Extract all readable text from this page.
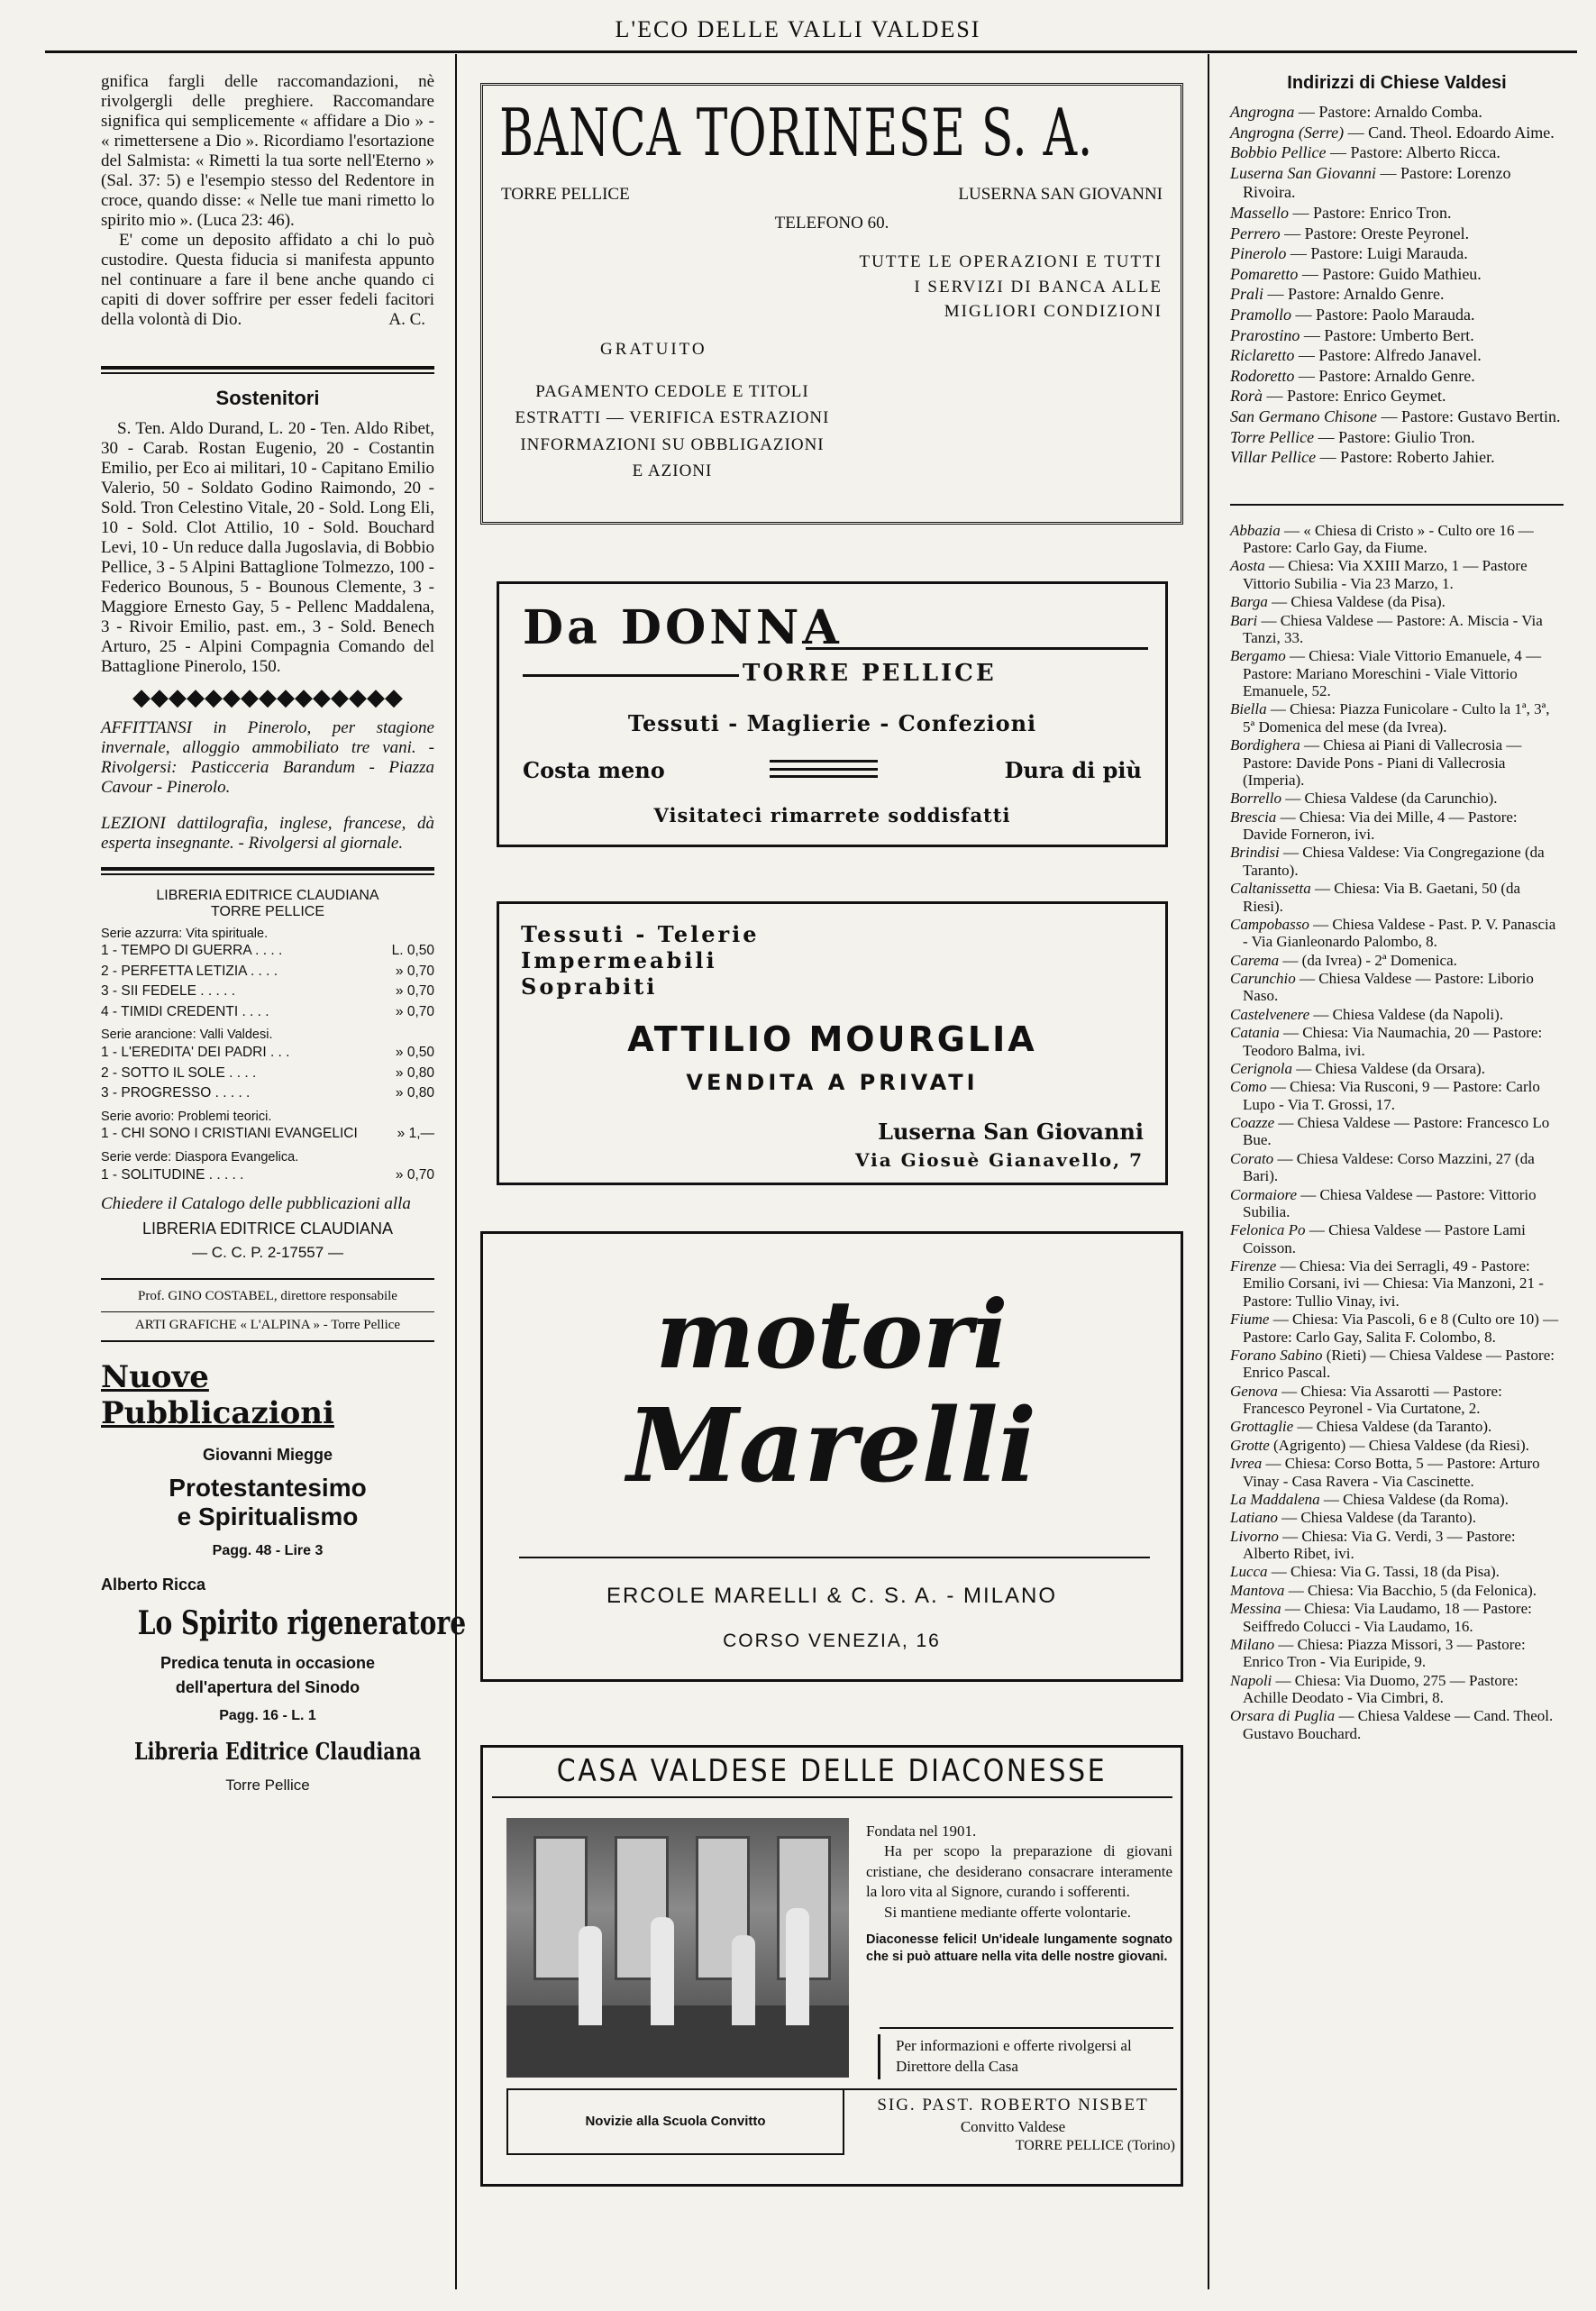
L'ECO DELLE VALLI VALDESI

gnifica fargli delle raccomandazioni, nè rivolgergli delle preghiere. Raccomandare significa qui semplicemente « affidare a Dio » - « rimettersene a Dio ». Ricordiamo l'esortazione del Salmista: « Rimetti la tua sorte nell'Eterno » (Sal. 37: 5) e l'esempio stesso del Redentore in croce, quando disse: « Nelle tue mani rimetto lo spirito mio ». (Luca 23: 46).

E' come un deposito affidato a chi lo può custodire. Questa fiducia si manifesta appunto nel continuare a fare il bene anche quando ci capiti di dover soffrire per esser fedeli facitori della volontà di Dio.	A. C.

Sostenitori

S. Ten. Aldo Durand, L. 20 - Ten. Aldo Ribet, 30 - Carab. Rostan Eugenio, 20 - Costantin Emilio, per Eco ai militari, 10 - Capitano Emilio Valerio, 50 - Soldato Godino Raimondo, 20 - Sold. Tron Celestino Vitale, 20 - Sold. Long Eli, 10 - Sold. Clot Attilio, 10 - Sold. Bouchard Levi, 10 - Un reduce dalla Jugoslavia, di Bobbio Pellice, 3 - 5 Alpini Battaglione Tolmezzo, 100 - Federico Bounous, 5 - Bounous Clemente, 3 - Maggiore Ernesto Gay, 5 - Pellenc Maddalena, 3 - Rivoir Emilio, past. em., 3 - Sold. Benech Arturo, 25 - Alpini Compagnia Comando del Battaglione Pinerolo, 150.

◆◆◆◆◆◆◆◆◆◆◆◆◆◆◆

AFFITTANSI in Pinerolo, per stagione invernale, alloggio ammobiliato tre vani. - Rivolgersi: Pasticceria Barandum - Piazza Cavour - Pinerolo.

LEZIONI dattilografia, inglese, francese, dà esperta insegnante. - Rivolgersi al giornale.

LIBRERIA EDITRICE CLAUDIANA
TORRE PELLICE
Serie azzurra: Vita spirituale.
1 - TEMPO DI GUERRA . . . .	L. 0,50
2 - PERFETTA LETIZIA . . . .	» 0,70
3 - SII FEDELE . . . . .	» 0,70
4 - TIMIDI CREDENTI . . . .	» 0,70
Serie arancione: Valli Valdesi.
1 - L'EREDITA' DEI PADRI . . .	» 0,50
2 - SOTTO IL SOLE . . . .	» 0,80
3 - PROGRESSO . . . . .	» 0,80
Serie avorio: Problemi teorici.
1 - CHI SONO I CRISTIANI EVANGELICI	» 1,—
Serie verde: Diaspora Evangelica.
1 - SOLITUDINE . . . . .	» 0,70

Chiedere il Catalogo delle pubblicazioni alla

LIBRERIA EDITRICE CLAUDIANA
— C. C. P. 2-17557 —
Prof. GINO COSTABEL, direttore responsabile
ARTI GRAFICHE « L'ALPINA » - Torre Pellice
Nuove Pubblicazioni
Giovanni Miegge
Protestantesimo
e Spiritualismo
Pagg. 48 - Lire 3
Alberto Ricca
Lo Spirito rigeneratore
Predica tenuta in occasione
dell'apertura del Sinodo
Pagg. 16 - L. 1
Libreria Editrice Claudiana
Torre Pellice
BANCA TORINESE S. A.
TORRE PELLICE	LUSERNA SAN GIOVANNI
TELEFONO 60.
TUTTE LE OPERAZIONI E TUTTI
I SERVIZI DI BANCA ALLE
MIGLIORI CONDIZIONI
GRATUITO
PAGAMENTO CEDOLE E TITOLI
ESTRATTI — VERIFICA ESTRAZIONI
INFORMAZIONI SU OBBLIGAZIONI
E AZIONI
Da DONNA
TORRE PELLICE
Tessuti - Maglierie - Confezioni
Costa meno	Dura di più
Visitateci rimarrete soddisfatti
Tessuti - Telerie
Impermeabili
Soprabiti
ATTILIO MOURGLIA
VENDITA A PRIVATI
Luserna San Giovanni
Via Giosuè Gianavello, 7
motori
Marelli
ERCOLE MARELLI & C. S. A. - MILANO
CORSO VENEZIA, 16
CASA VALDESE DELLE DIACONESSE
Fondata nel 1901.
Ha per scopo la preparazione di giovani cristiane, che desiderano consacrare interamente la loro vita al Signore, curando i sofferenti.
Si mantiene mediante offerte volontarie.
Diaconesse felici! Un'ideale lungamente sognato che si può attuare nella vita delle nostre giovani.
Per informazioni e offerte rivolgersi al Direttore della Casa
Novizie alla Scuola Convitto
SIG. PAST. ROBERTO NISBET
Convitto Valdese
TORRE PELLICE (Torino)
Indirizzi di Chiese Valdesi

Angrogna — Pastore: Arnaldo Comba.

Angrogna (Serre) — Cand. Theol. Edoardo Aime.

Bobbio Pellice — Pastore: Alberto Ricca.

Luserna San Giovanni — Pastore: Lorenzo Rivoira.

Massello — Pastore: Enrico Tron.

Perrero — Pastore: Oreste Peyronel.

Pinerolo — Pastore: Luigi Marauda.

Pomaretto — Pastore: Guido Mathieu.

Prali — Pastore: Arnaldo Genre.

Pramollo — Pastore: Paolo Marauda.

Prarostino — Pastore: Umberto Bert.

Riclaretto — Pastore: Alfredo Janavel.

Rodoretto — Pastore: Arnaldo Genre.

Rorà — Pastore: Enrico Geymet.

San Germano Chisone — Pastore: Gustavo Bertin.

Torre Pellice — Pastore: Giulio Tron.

Villar Pellice — Pastore: Roberto Jahier.

Abbazia — « Chiesa di Cristo » - Culto ore 16 — Pastore: Carlo Gay, da Fiume.

Aosta — Chiesa: Via XXIII Marzo, 1 — Pastore Vittorio Subilia - Via 23 Marzo, 1.

Barga — Chiesa Valdese (da Pisa).

Bari — Chiesa Valdese — Pastore: A. Miscia - Via Tanzi, 33.

Bergamo — Chiesa: Viale Vittorio Emanuele, 4 — Pastore: Mariano Moreschini - Viale Vittorio Emanuele, 52.

Biella — Chiesa: Piazza Funicolare - Culto la 1ª, 3ª, 5ª Domenica del mese (da Ivrea).

Bordighera — Chiesa ai Piani di Vallecrosia — Pastore: Davide Pons - Piani di Vallecrosia (Imperia).

Borrello — Chiesa Valdese (da Carunchio).

Brescia — Chiesa: Via dei Mille, 4 — Pastore: Davide Forneron, ivi.

Brindisi — Chiesa Valdese: Via Congregazione (da Taranto).

Caltanissetta — Chiesa: Via B. Gaetani, 50 (da Riesi).

Campobasso — Chiesa Valdese - Past. P. V. Panascia - Via Gianleonardo Palombo, 8.

Carema — (da Ivrea) - 2ª Domenica.

Carunchio — Chiesa Valdese — Pastore: Liborio Naso.

Castelvenere — Chiesa Valdese (da Napoli).

Catania — Chiesa: Via Naumachia, 20 — Pastore: Teodoro Balma, ivi.

Cerignola — Chiesa Valdese (da Orsara).

Como — Chiesa: Via Rusconi, 9 — Pastore: Carlo Lupo - Via T. Grossi, 17.

Coazze — Chiesa Valdese — Pastore: Francesco Lo Bue.

Corato — Chiesa Valdese: Corso Mazzini, 27 (da Bari).

Cormaiore — Chiesa Valdese — Pastore: Vittorio Subilia.

Felonica Po — Chiesa Valdese — Pastore Lami Coisson.

Firenze — Chiesa: Via dei Serragli, 49 - Pastore: Emilio Corsani, ivi — Chiesa: Via Manzoni, 21 - Pastore: Tullio Vinay, ivi.

Fiume — Chiesa: Via Pascoli, 6 e 8 (Culto ore 10) — Pastore: Carlo Gay, Salita F. Colombo, 8.

Forano Sabino (Rieti) — Chiesa Valdese — Pastore: Enrico Pascal.

Genova — Chiesa: Via Assarotti — Pastore: Francesco Peyronel - Via Curtatone, 2.

Grottaglie — Chiesa Valdese (da Taranto).

Grotte (Agrigento) — Chiesa Valdese (da Riesi).

Ivrea — Chiesa: Corso Botta, 5 — Pastore: Arturo Vinay - Casa Ravera - Via Cascinette.

La Maddalena — Chiesa Valdese (da Roma).

Latiano — Chiesa Valdese (da Taranto).

Livorno — Chiesa: Via G. Verdi, 3 — Pastore: Alberto Ribet, ivi.

Lucca — Chiesa: Via G. Tassi, 18 (da Pisa).

Mantova — Chiesa: Via Bacchio, 5 (da Felonica).

Messina — Chiesa: Via Laudamo, 18 — Pastore: Seiffredo Colucci - Via Laudamo, 16.

Milano — Chiesa: Piazza Missori, 3 — Pastore: Enrico Tron - Via Euripide, 9.

Napoli — Chiesa: Via Duomo, 275 — Pastore: Achille Deodato - Via Cimbri, 8.

Orsara di Puglia — Chiesa Valdese — Cand. Theol. Gustavo Bouchard.
